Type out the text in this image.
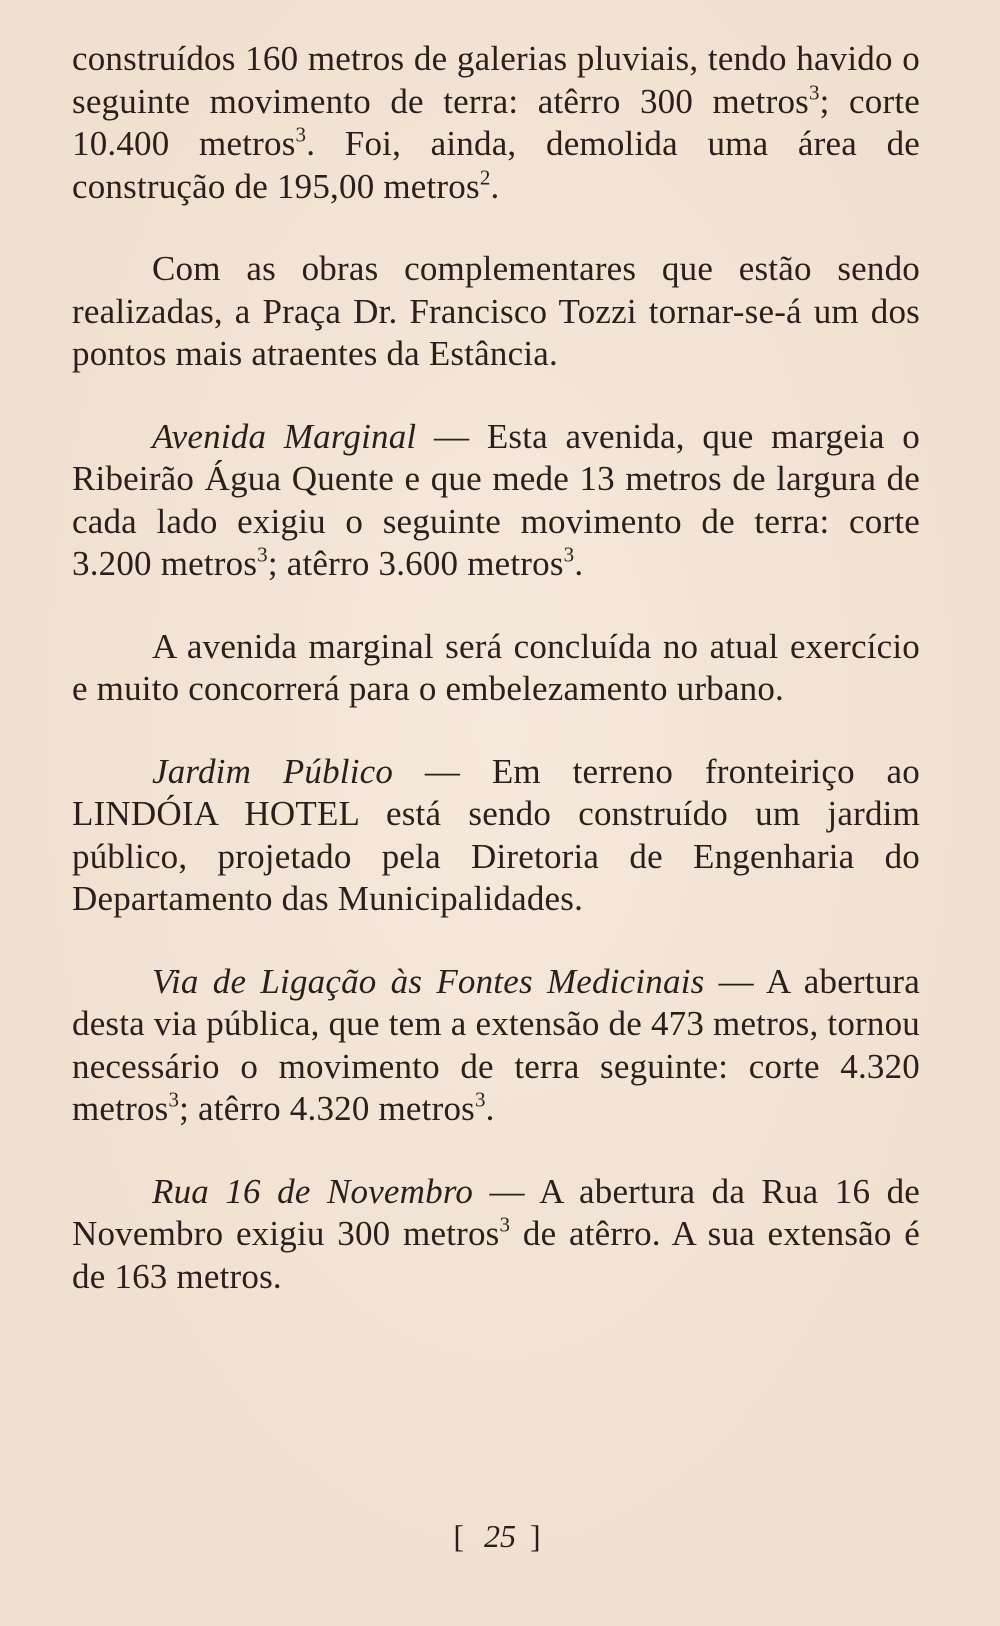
construídos 160 metros de galerias pluviais, tendo havido o seguinte movimento de terra: atêrro 300 metros$^3$; corte 10.400 metros$^3$. Foi, ainda, demolida uma área de construção de 195,00 metros$^2$.

Com as obras complementares que estão sendo realizadas, a Praça Dr. Francisco Tozzi tornar-se-á um dos pontos mais atraentes da Estância.

Avenida Marginal — Esta avenida, que margeia o Ribeirão Água Quente e que mede 13 metros de largura de cada lado exigiu o seguinte movimento de terra: corte 3.200 metros$^3$; atêrro 3.600 metros$^3$.

A avenida marginal será concluída no atual exercício e muito concorrerá para o embelezamento urbano.

Jardim Público — Em terreno fronteiriço ao LINDÓIA HOTEL está sendo construído um jardim público, projetado pela Diretoria de Engenharia do Departamento das Municipalidades.

Via de Ligação às Fontes Medicinais — A abertura desta via pública, que tem a extensão de 473 metros, tornou necessário o movimento de terra seguinte: corte 4.320 metros$^3$; atêrro 4.320 metros$^3$.

Rua 16 de Novembro — A abertura da Rua 16 de Novembro exigiu 300 metros$^3$ de atêrro. A sua extensão é de 163 metros.

[ 25 ]
